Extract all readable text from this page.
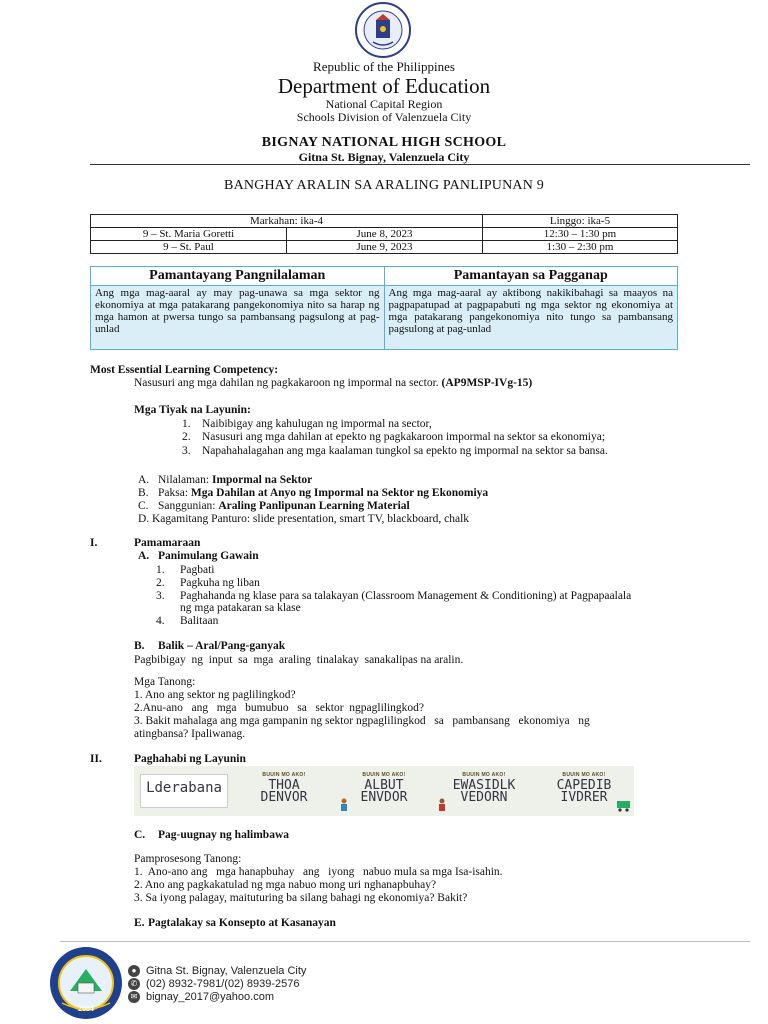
Republic of the Philippines
Department of Education
National Capital Region
Schools Division of Valenzuela City
BIGNAY NATIONAL HIGH SCHOOL
Gitna St. Bignay, Valenzuela City
BANGHAY ARALIN SA ARALING PANLIPUNAN 9
Markahan: ika-4		Linggo: ika-5
9 – St. Maria Goretti	June 8, 2023	12:30 – 1:30 pm
9 – St. Paul	June 9, 2023	1:30 – 2:30 pm
Pamantayang Pangnilalaman	Pamantayan sa Pagganap
Ang mga mag-aaral ay may pag-unawa sa mga sektor ng ekonomiya at mga patakarang pangekonomiya nito sa harap ng mga hamon at pwersa tungo sa pambansang pagsulong at pag-unlad
Ang mga mag-aaral ay aktibong nakikibahagi sa maayos na pagpapatupad at pagpapabuti ng mga sektor ng ekonomiya at mga patakarang pangekonomiya nito tungo sa pambansang pagsulong at pag-unlad
Most Essential Learning Competency:
Nasusuri ang mga dahilan ng pagkakaroon ng impormal na sector. (AP9MSP-IVg-15)
Mga Tiyak na Layunin:
1. Naibibigay ang kahulugan ng impormal na sector,
2. Nasusuri ang mga dahilan at epekto ng pagkakaroon impormal na sektor sa ekonomiya;
3. Napahahalagahan ang mga kaalaman tungkol sa epekto ng impormal na sektor sa bansa.
A. Nilalaman: Impormal na Sektor
B. Paksa: Mga Dahilan at Anyo ng Impormal na Sektor ng Ekonomiya
C. Sanggunian: Araling Panlipunan Learning Material
D. Kagamitang Panturo: slide presentation, smart TV, blackboard, chalk
I.	Pamamaraan
A. Panimulang Gawain
1. Pagbati
2. Pagkuha ng liban
3. Paghahanda ng klase para sa talakayan (Classroom Management & Conditioning) at Pagpapaalala
ng mga patakaran sa klase
4. Balitaan
B. Balik – Aral/Pang-ganyak
Pagbibigay  ng  input  sa  mga  araling  tinalakay  sanakalipas na aralin.
Mga Tanong:
1. Ano ang sektor ng paglilingkod?
2.Anu-ano   ang   mga   bumubuo   sa   sektor  ngpaglilingkod?
3. Bakit mahalaga ang mga gampanin ng sektor ngpaglilingkod   sa   pambansang   ekonomiya   ng
atingbansa? Ipaliwanag.
II.	Paghahabi ng Layunin
Lderabana
BUUIN MO AKO!
THOA
DENVOR
BUUIN MO AKO!
ALBUT
ENVDOR
BUUIN MO AKO!
EWASIDLK
VEDORN
BUUIN MO AKO!
CAPEDIB
IVDRER
C. Pag-uugnay ng halimbawa
Pamprosesong Tanong:
1.  Ano-ano ang   mga hanapbuhay   ang   iyong   nabuo mula sa mga Isa-isahin.
2. Ano ang pagkakatulad ng mga nabuo mong uri nghanapbuhay?
3. Sa iyong palagay, maituturing ba silang bahagi ng ekonomiya? Bakit?
E. Pagtalakay sa Konsepto at Kasanayan
2004
● Gitna St. Bignay, Valenzuela City
✆ (02) 8932-7981/(02) 8939-2576
✉ bignay_2017@yahoo.com
